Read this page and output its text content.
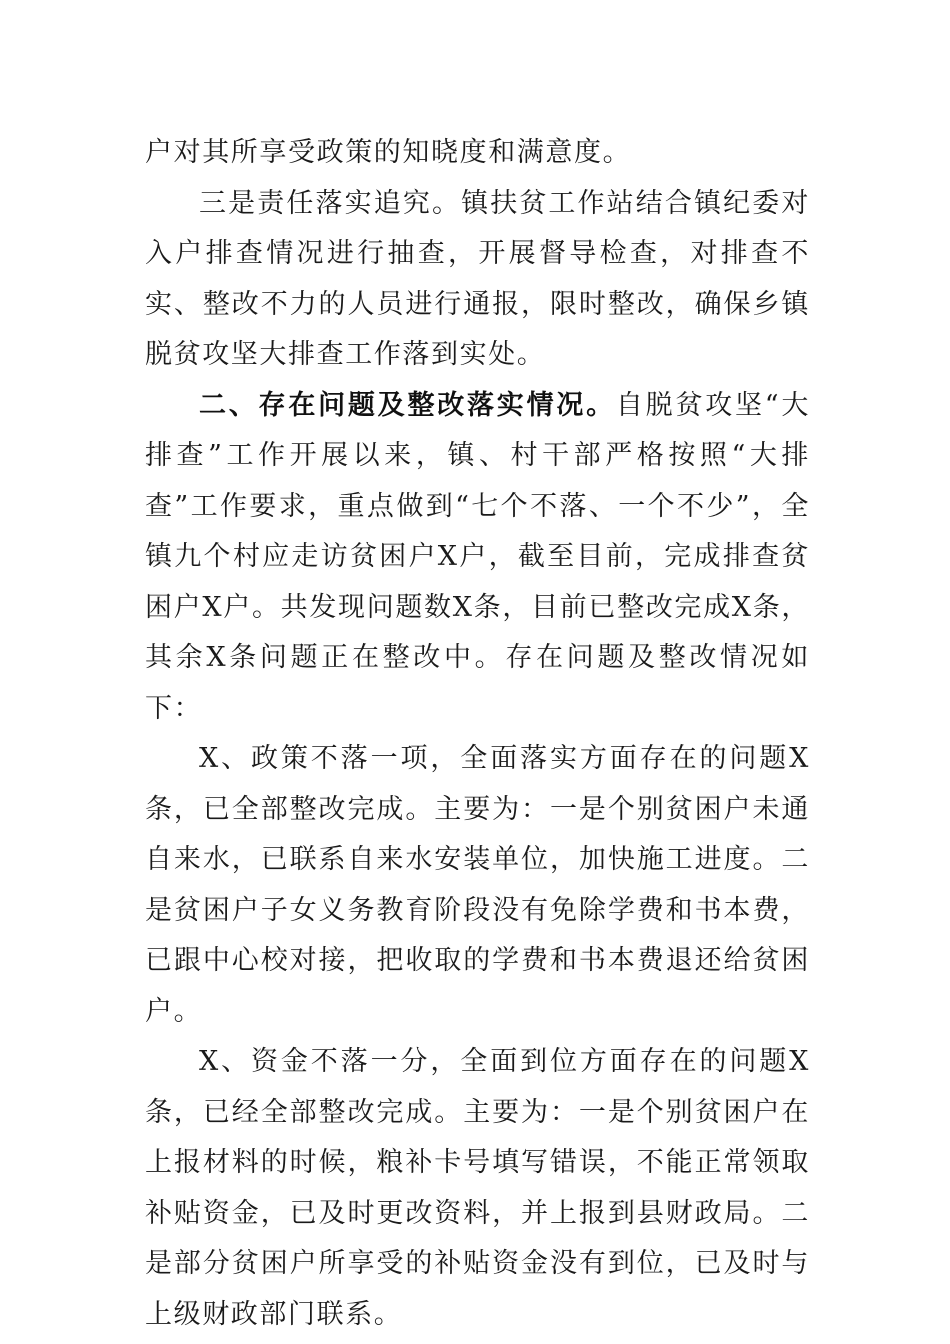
户对其所享受政策的知晓度和满意度。

三是责任落实追究。镇扶贫工作站结合镇纪委对入户排查情况进行抽查，开展督导检查，对排查不实、整改不力的人员进行通报，限时整改，确保乡镇脱贫攻坚大排查工作落到实处。

二、存在问题及整改落实情况。自脱贫攻坚“大排查”工作开展以来，镇、村干部严格按照“大排查”工作要求，重点做到“七个不落、一个不少”，全镇九个村应走访贫困户X户，截至目前，完成排查贫困户X户。共发现问题数X条，目前已整改完成X条，其余X条问题正在整改中。存在问题及整改情况如下：

X、政策不落一项，全面落实方面存在的问题X条，已全部整改完成。主要为：一是个别贫困户未通自来水，已联系自来水安装单位，加快施工进度。二是贫困户子女义务教育阶段没有免除学费和书本费，已跟中心校对接，把收取的学费和书本费退还给贫困户。

X、资金不落一分，全面到位方面存在的问题X条，已经全部整改完成。主要为：一是个别贫困户在上报材料的时候，粮补卡号填写错误，不能正常领取补贴资金，已及时更改资料，并上报到县财政局。二是部分贫困户所享受的补贴资金没有到位，已及时与上级财政部门联系。
